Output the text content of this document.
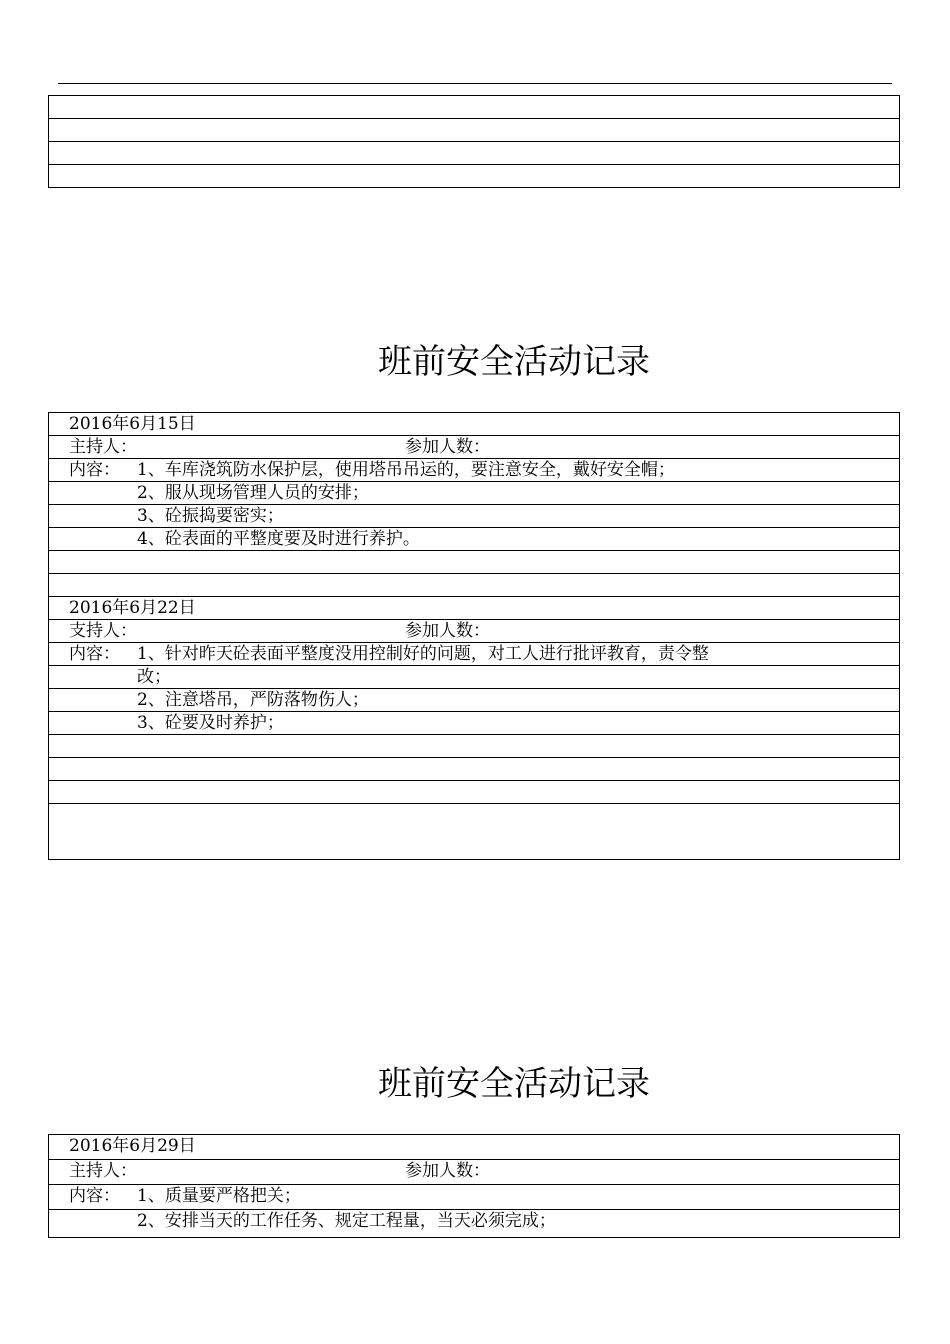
班前安全活动记录
2016年6月15日
主持人：	参加人数：
内容： 1、车库浇筑防水保护层，使用塔吊吊运的，要注意安全，戴好安全帽；
2、服从现场管理人员的安排；
3、砼振捣要密实；
4、砼表面的平整度要及时进行养护。
2016年6月22日
支持人：	参加人数：
内容： 1、针对昨天砼表面平整度没用控制好的问题，对工人进行批评教育，责令整
改；
2、注意塔吊，严防落物伤人；
3、砼要及时养护；
班前安全活动记录
2016年6月29日
主持人：	参加人数：
内容： 1、质量要严格把关；
2、安排当天的工作任务、规定工程量，当天必须完成；
